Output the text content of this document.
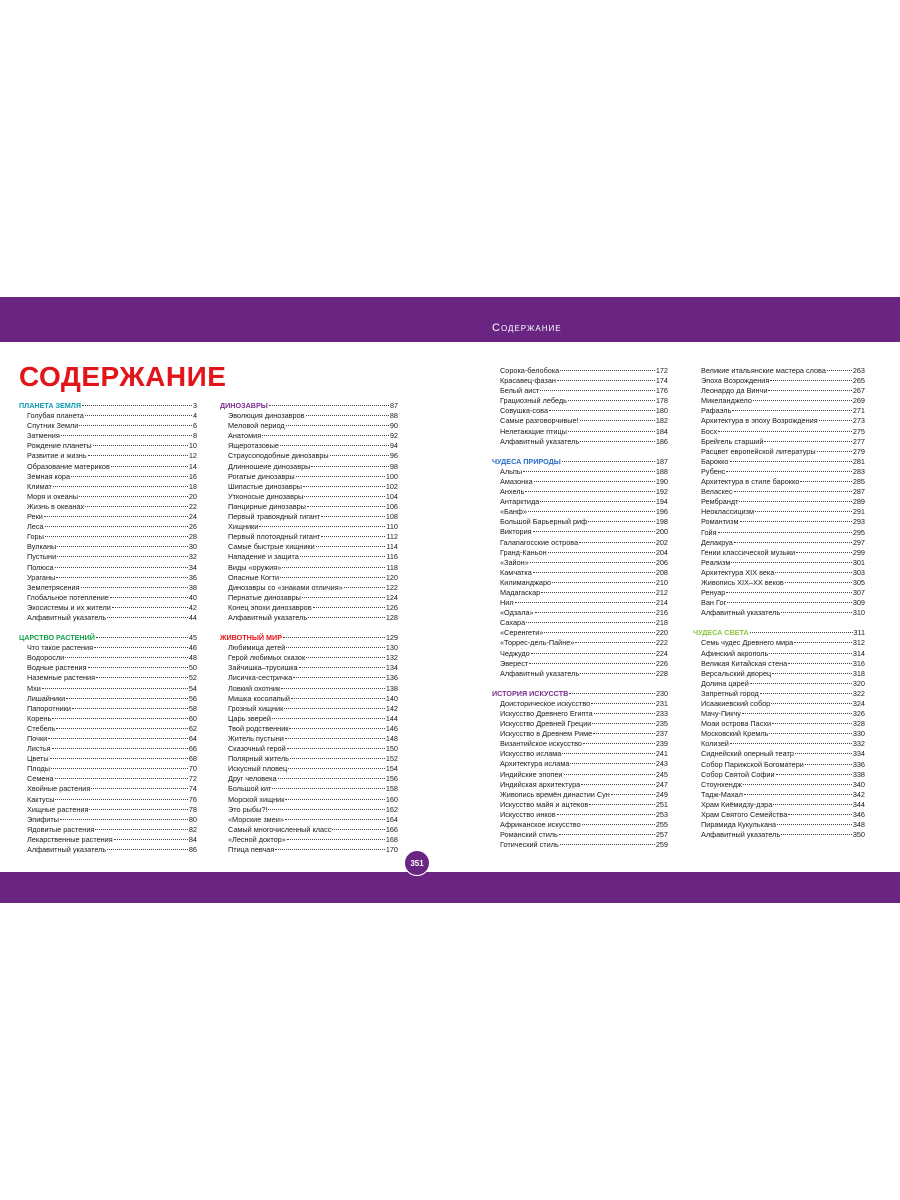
Содержание
СОДЕРЖАНИЕ
ПЛАНЕТА ЗЕМЛЯ	3
Голубая планета	4
Спутник Земли	6
Затмения	8
Рождение планеты	10
Развитие и жизнь	12
Образование материков	14
Земная кора	16
Климат	18
Моря и океаны	20
Жизнь в океанах	22
Реки	24
Леса	26
Горы	28
Вулканы	30
Пустыни	32
Полюса	34
Ураганы	36
Землетрясения	38
Глобальное потепление	40
Экосистемы и их жители	42
Алфавитный указатель	44
ЦАРСТВО РАСТЕНИЙ	45
Что такое растения	46
Водоросли	48
Водные растения	50
Наземные растения	52
Мхи	54
Лишайники	56
Папоротники	58
Корень	60
Стебель	62
Почки	64
Листья	66
Цветы	68
Плоды	70
Семена	72
Хвойные растения	74
Кактусы	76
Хищные растения	78
Эпифиты	80
Ядовитые растения	82
Лекарственные растения	84
Алфавитный указатель	86
ДИНОЗАВРЫ	87
Эволюция динозавров	88
Меловой период	90
Анатомия	92
Ящеротазовые	94
Страусоподобные динозавры	96
Длинношеие динозавры	98
Рогатые динозавры	100
Шипастые динозавры	102
Утконосые динозавры	104
Панцирные динозавры	106
Первый травоядный гигант	108
Хищники	110
Первый плотоядный гигант	112
Самые быстрые хищники	114
Нападение и защита	116
Виды «оружия»	118
Опасные Когти	120
Динозавры со «знаками отличия»	122
Пернатые динозавры	124
Конец эпохи динозавров	126
Алфавитный указатель	128
ЖИВОТНЫЙ МИР	129
Любимица детей	130
Герой любимых сказок	132
Зайчишка–трусишка	134
Лисичка-сестричка	136
Ловкий охотник	138
Мишка косолапый	140
Грозный хищник	142
Царь зверей	144
Твой родственник	146
Житель пустыни	148
Сказочный герой	150
Полярный житель	152
Искусный пловец	154
Друг человека	156
Большой кит	158
Морской хищник	160
Это рыбы?!	162
«Морские змеи»	164
Самый многочисленный класс	166
«Лесной доктор»	168
Птица певчая	170
Сорока-белобока	172
Красавец-фазан	174
Белый аист	176
Грациозный лебедь	178
Совушка-сова	180
Самые разговорчивые!	182
Нелетающие птицы	184
Алфавитный указатель	186
ЧУДЕСА ПРИРОДЫ	187
Альпы	188
Амазонка	190
Анхель	192
Антарктида	194
«Банф»	196
Большой Барьерный риф	198
Виктория	200
Галапагосские острова	202
Гранд-Каньон	204
«Зайон»	206
Камчатка	208
Килиманджаро	210
Мадагаскар	212
Нил	214
«Одзала»	216
Сахара	218
«Серенгети»	220
«Торрес-дель-Пайне»	222
Чеджудо	224
Эверест	226
Алфавитный указатель	228
ИСТОРИЯ ИСКУССТВ	230
Доисторическое искусство	231
Искусство Древнего Египта	233
Искусство Древней Греции	235
Искусство в Древнем Риме	237
Византийское искусство	239
Искусство ислама	241
Архитектура ислама	243
Индийские эпопеи	245
Индийская архитектура	247
Живопись времён династии Сун	249
Искусство майя и ацтеков	251
Искусство инков	253
Африканское искусство	255
Романский стиль	257
Готический стиль	259
Великие итальянские мастера слова	263
Эпоха Возрождения	265
Леонардо да Винчи	267
Микеланджело	269
Рафаэль	271
Архитектура в эпоху Возрождения	273
Босх	275
Брейгель старший	277
Расцвет европейской литературы	279
Барокко	281
Рубенс	283
Архитектура в стиле барокко	285
Веласкес	287
Рембрандт	289
Неоклассицизм	291
Романтизм	293
Гойя	295
Делакруа	297
Гении классической музыки	299
Реализм	301
Архитектура XIX века	303
Живопись XIX–XX веков	305
Ренуар	307
Ван Гог	309
Алфавитный указатель	310
ЧУДЕСА СВЕТА	311
Семь чудес Древнего мира	312
Афинский акрополь	314
Великая Китайская стена	316
Версальский дворец	318
Долина царей	320
Запретный город	322
Исаакиевский собор	324
Мачу-Пикчу	326
Моаи острова Пасхи	328
Московский Кремль	330
Колизей	332
Сиднейский оперный театр	334
Собор Парижской Богоматери	336
Собор Святой Софии	338
Стоунхендж	340
Тадж-Махал	342
Храм Киёмидзу-дэра	344
Храм Святого Семейства	346
Пирамида Кукулькана	348
Алфавитный указатель	350
351
